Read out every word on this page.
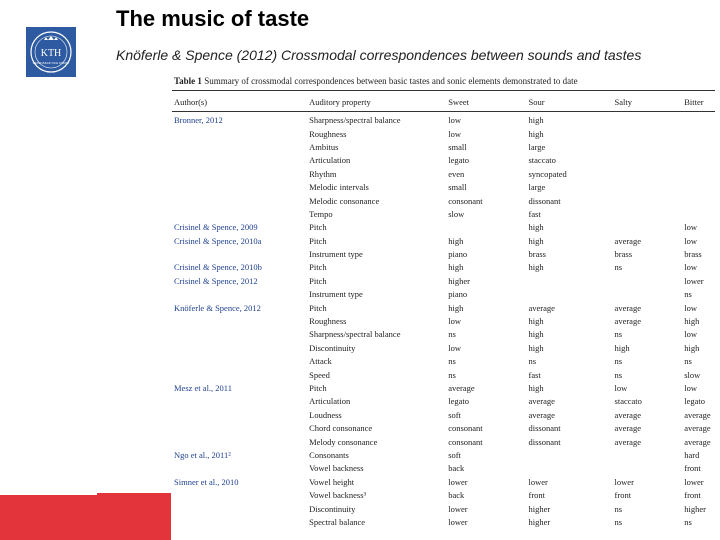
The music of taste
Knöferle & Spence (2012) Crossmodal correspondences between sounds and tastes
KTH
VETENSKAP OCH KONST
Table 1 Summary of crossmodal correspondences between basic tastes and sonic elements demonstrated to date
Author(s)	Auditory property	Sweet	Sour	Salty	Bitter

Bronner, 2012	Sharpness/spectral balance	low	high		
	Roughness	low	high		
	Ambitus	small	large		
	Articulation	legato	staccato		
	Rhythm	even	syncopated		
	Melodic intervals	small	large		
	Melodic consonance	consonant	dissonant		
	Tempo	slow	fast		
Crisinel & Spence, 2009	Pitch		high		low
Crisinel & Spence, 2010a	Pitch	high	high	average	low
	Instrument type	piano	brass	brass	brass
Crisinel & Spence, 2010b	Pitch	high	high	ns	low
Crisinel & Spence, 2012	Pitch	higher			lower
	Instrument type	piano			ns
Knöferle & Spence, 2012	Pitch	high	average	average	low
	Roughness	low	high	average	high
	Sharpness/spectral balance	ns	high	ns	low
	Discontinuity	low	high	high	high
	Attack	ns	ns	ns	ns
	Speed	ns	fast	ns	slow
Mesz et al., 2011	Pitch	average	high	low	low
	Articulation	legato	average	staccato	legato
	Loudness	soft	average	average	average
	Chord consonance	consonant	dissonant	average	average
	Melody consonance	consonant	dissonant	average	average
Ngo et al., 2011²	Consonants	soft			hard
	Vowel backness	back			front
Simner et al., 2010	Vowel height	lower	lower	lower	lower
	Vowel backness³	back	front	front	front
	Discontinuity	lower	higher	ns	higher
	Spectral balance	lower	higher	ns	ns
